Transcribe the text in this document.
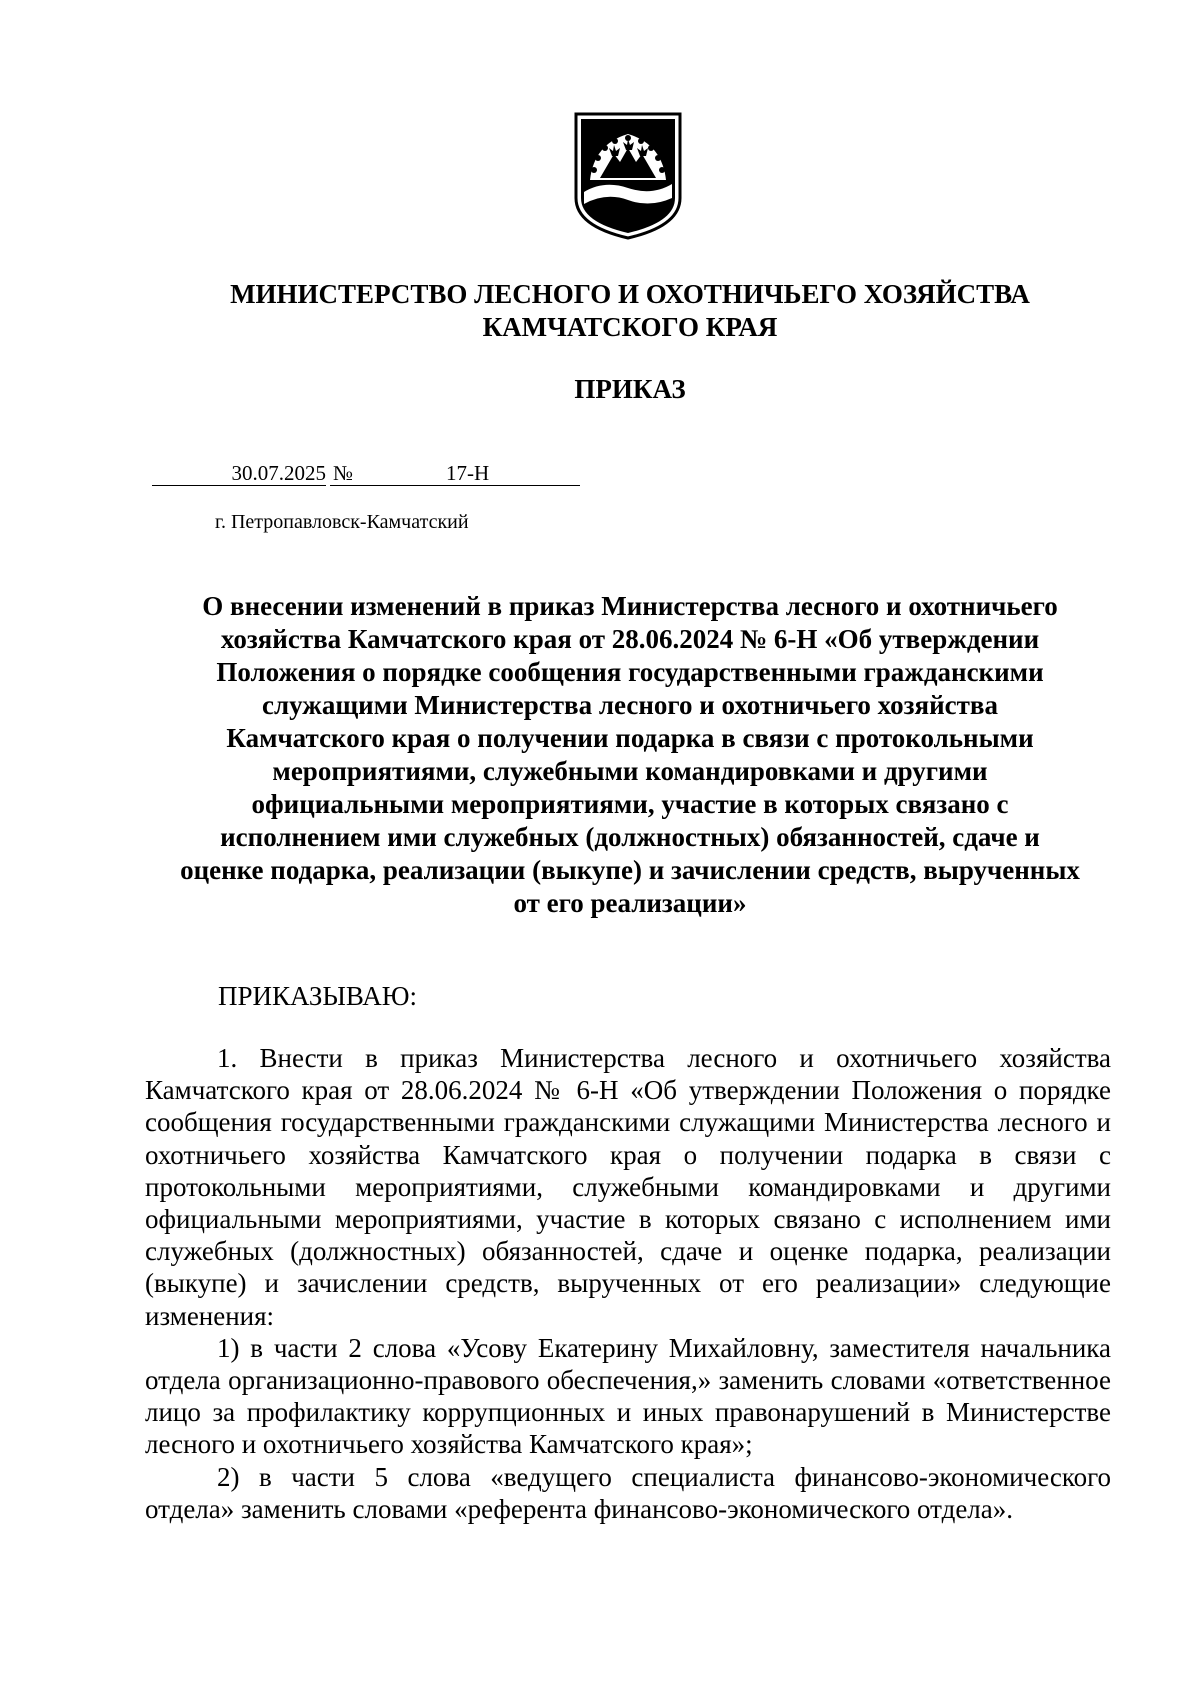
МИНИСТЕРСТВО ЛЕСНОГО И ОХОТНИЧЬЕГО ХОЗЯЙСТВА
КАМЧАТСКОГО КРАЯ
ПРИКАЗ
30.07.2025 №	17-Н
г. Петропавловск-Камчатский
О внесении изменений в приказ Министерства лесного и охотничьего
хозяйства Камчатского края от 28.06.2024 № 6-Н «Об утверждении
Положения о порядке сообщения государственными гражданскими
служащими Министерства лесного и охотничьего хозяйства
Камчатского края о получении подарка в связи с протокольными
мероприятиями, служебными командировками и другими
официальными мероприятиями, участие в которых связано с
исполнением ими служебных (должностных) обязанностей, сдаче и
оценке подарка, реализации (выкупе) и зачислении средств, вырученных
от его реализации»
ПРИКАЗЫВАЮ:

1. Внести в приказ Министерства лесного и охотничьего хозяйства Камчатского края от 28.06.2024 № 6-Н «Об утверждении Положения о порядке сообщения государственными гражданскими служащими Министерства лесного и охотничьего хозяйства Камчатского края о получении подарка в связи с протокольными мероприятиями, служебными командировками и другими официальными мероприятиями, участие в которых связано с исполнением ими служебных (должностных) обязанностей, сдаче и оценке подарка, реализации (выкупе) и зачислении средств, вырученных от его реализации» следующие изменения:

1) в части 2 слова «Усову Екатерину Михайловну, заместителя начальника отдела организационно-правового обеспечения,» заменить словами «ответственное лицо за профилактику коррупционных и иных правонарушений в Министерстве лесного и охотничьего хозяйства Камчатского края»;

2) в части 5 слова «ведущего специалиста финансово-экономического отдела» заменить словами «референта финансово-экономического отдела».
